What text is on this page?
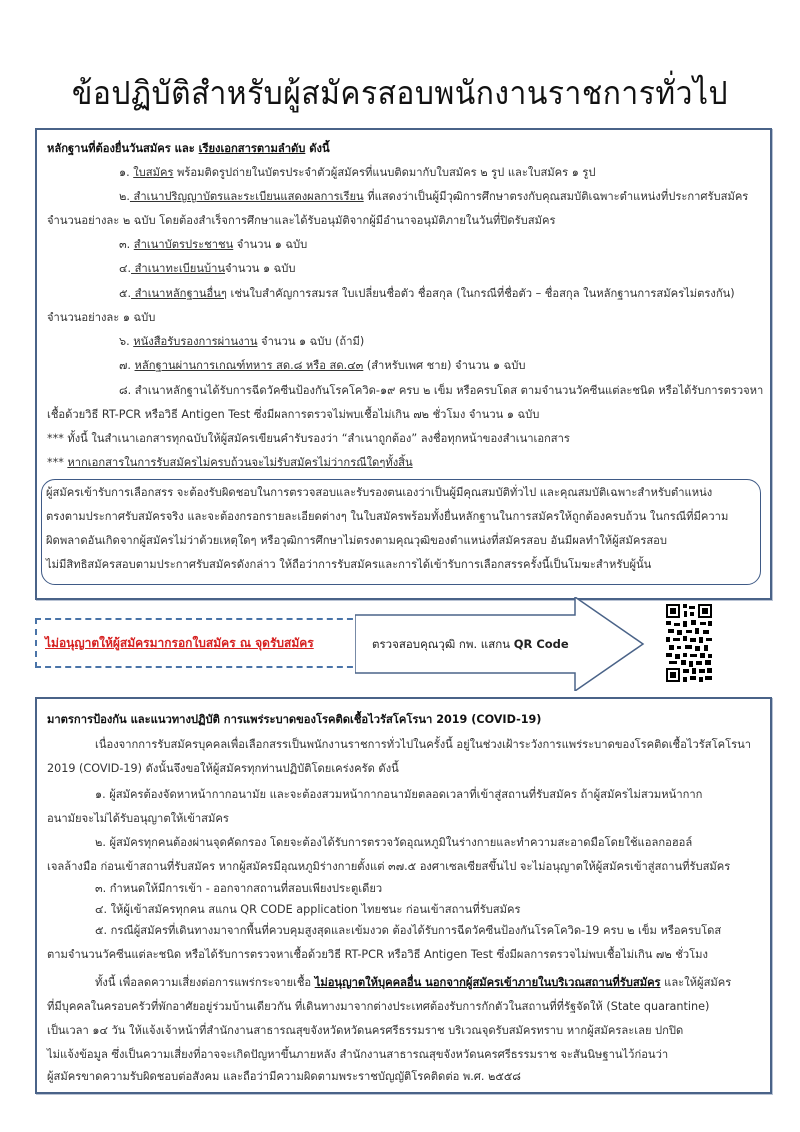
ข้อปฏิบัติสำหรับผู้สมัครสอบพนักงานราชการทั่วไป
หลักฐานที่ต้องยื่นวันสมัคร และ เรียงเอกสารตามลำดับ ดังนี้
๑. ใบสมัคร พร้อมติดรูปถ่ายในบัตรประจำตัวผู้สมัครที่แนบติดมากับใบสมัคร ๒ รูป และใบสมัคร ๑ รูป
๒. สำเนาปริญญาบัตรและระเบียนแสดงผลการเรียน ที่แสดงว่าเป็นผู้มีวุฒิการศึกษาตรงกับคุณสมบัติเฉพาะตำแหน่งที่ประกาศรับสมัคร
จำนวนอย่างละ ๒ ฉบับ โดยต้องสำเร็จการศึกษาและได้รับอนุมัติจากผู้มีอำนาจอนุมัติภายในวันที่ปิดรับสมัคร
๓. สำเนาบัตรประชาชน จำนวน ๑ ฉบับ
๔. สำเนาทะเบียนบ้านจำนวน ๑ ฉบับ
๕. สำเนาหลักฐานอื่นๆ เช่นใบสำคัญการสมรส ใบเปลี่ยนชื่อตัว ชื่อสกุล (ในกรณีที่ชื่อตัว – ชื่อสกุล ในหลักฐานการสมัครไม่ตรงกัน)
จำนวนอย่างละ ๑ ฉบับ
๖. หนังสือรับรองการผ่านงาน จำนวน ๑ ฉบับ (ถ้ามี)
๗. หลักฐานผ่านการเกณฑ์ทหาร สด.๘ หรือ สด.๔๓ (สำหรับเพศ ชาย) จำนวน ๑ ฉบับ
๘. สำเนาหลักฐานได้รับการฉีดวัคซีนป้องกันโรคโควิด-๑๙ ครบ ๒ เข็ม หรือครบโดส ตามจำนวนวัคซีนแต่ละชนิด หรือได้รับการตรวจหา
เชื้อด้วยวิธี RT-PCR หรือวิธี Antigen Test ซึ่งมีผลการตรวจไม่พบเชื้อไม่เกิน ๗๒ ชั่วโมง จำนวน ๑ ฉบับ
*** ทั้งนี้ ในสำเนาเอกสารทุกฉบับให้ผู้สมัครเขียนคำรับรองว่า “สำเนาถูกต้อง” ลงชื่อทุกหน้าของสำเนาเอกสาร
*** หากเอกสารในการรับสมัครไม่ครบถ้วนจะไม่รับสมัครไม่ว่ากรณีใดๆทั้งสิ้น
ผู้สมัครเข้ารับการเลือกสรร จะต้องรับผิดชอบในการตรวจสอบและรับรองตนเองว่าเป็นผู้มีคุณสมบัติทั่วไป และคุณสมบัติเฉพาะสำหรับตำแหน่ง
ตรงตามประกาศรับสมัครจริง และจะต้องกรอกรายละเอียดต่างๆ ในใบสมัครพร้อมทั้งยื่นหลักฐานในการสมัครให้ถูกต้องครบถ้วน ในกรณีที่มีความ
ผิดพลาดอันเกิดจากผู้สมัครไม่ว่าด้วยเหตุใดๆ หรือวุฒิการศึกษาไม่ตรงตามคุณวุฒิของตำแหน่งที่สมัครสอบ อันมีผลทำให้ผู้สมัครสอบ
ไม่มีสิทธิสมัครสอบตามประกาศรับสมัครดังกล่าว ให้ถือว่าการรับสมัครและการได้เข้ารับการเลือกสรรครั้งนี้เป็นโมฆะสำหรับผู้นั้น
ไม่อนุญาตให้ผู้สมัครมากรอกใบสมัคร ณ จุดรับสมัคร	ตรวจสอบคุณวุฒิ กพ. แสกน QR Code
มาตรการป้องกัน และแนวทางปฏิบัติ การแพร่ระบาดของโรคติดเชื้อไวรัสโคโรนา 2019 (COVID-19)
เนื่องจากการรับสมัครบุคคลเพื่อเลือกสรรเป็นพนักงานราชการทั่วไปในครั้งนี้ อยู่ในช่วงเฝ้าระวังการแพร่ระบาดของโรคติดเชื้อไวรัสโคโรนา
2019 (COVID-19) ดังนั้นจึงขอให้ผู้สมัครทุกท่านปฏิบัติโดยเคร่งครัด ดังนี้
๑. ผู้สมัครต้องจัดหาหน้ากากอนามัย และจะต้องสวมหน้ากากอนามัยตลอดเวลาที่เข้าสู่สถานที่รับสมัคร ถ้าผู้สมัครไม่สวมหน้ากาก
อนามัยจะไม่ได้รับอนุญาตให้เข้าสมัคร
๒. ผู้สมัครทุกคนต้องผ่านจุดคัดกรอง โดยจะต้องได้รับการตรวจวัดอุณหภูมิในร่างกายและทำความสะอาดมือโดยใช้แอลกอฮอล์
เจลล้างมือ ก่อนเข้าสถานที่รับสมัคร หากผู้สมัครมีอุณหภูมิร่างกายตั้งแต่ ๓๗.๕ องศาเซลเซียสขึ้นไป จะไม่อนุญาตให้ผู้สมัครเข้าสู่สถานที่รับสมัคร
๓. กำหนดให้มีการเข้า - ออกจากสถานที่สอบเพียงประตูเดียว
๔. ให้ผู้เข้าสมัครทุกคน สแกน QR CODE application ไทยชนะ ก่อนเข้าสถานที่รับสมัคร
๕. กรณีผู้สมัครที่เดินทางมาจากพื้นที่ควบคุมสูงสุดและเข้มงวด ต้องได้รับการฉีดวัคซีนป้องกันโรคโควิด-19 ครบ ๒ เข็ม หรือครบโดส
ตามจำนวนวัคซีนแต่ละชนิด หรือได้รับการตรวจหาเชื้อด้วยวิธี RT-PCR หรือวิธี Antigen Test ซึ่งมีผลการตรวจไม่พบเชื้อไม่เกิน ๗๒ ชั่วโมง
ทั้งนี้ เพื่อลดความเสี่ยงต่อการแพร่กระจายเชื้อ ไม่อนุญาตให้บุคคลอื่น นอกจากผู้สมัครเข้าภายในบริเวณสถานที่รับสมัคร และให้ผู้สมัคร
ที่มีบุคคลในครอบครัวที่พักอาศัยอยู่ร่วมบ้านเดียวกัน ที่เดินทางมาจากต่างประเทศต้องรับการกักตัวในสถานที่ที่รัฐจัดให้ (State quarantine)
เป็นเวลา ๑๔ วัน ให้แจ้งเจ้าหน้าที่สำนักงานสาธารณสุขจังหวัดหวัดนครศรีธรรมราช บริเวณจุดรับสมัครทราบ หากผู้สมัครละเลย ปกปิด
ไม่แจ้งข้อมูล ซึ่งเป็นความเสี่ยงที่อาจจะเกิดปัญหาขึ้นภายหลัง สำนักงานสาธารณสุขจังหวัดนครศรีธรรมราช จะสันนิษฐานไว้ก่อนว่า
ผู้สมัครขาดความรับผิดชอบต่อสังคม และถือว่ามีความผิดตามพระราชบัญญัติโรคติดต่อ พ.ศ. ๒๕๕๘
